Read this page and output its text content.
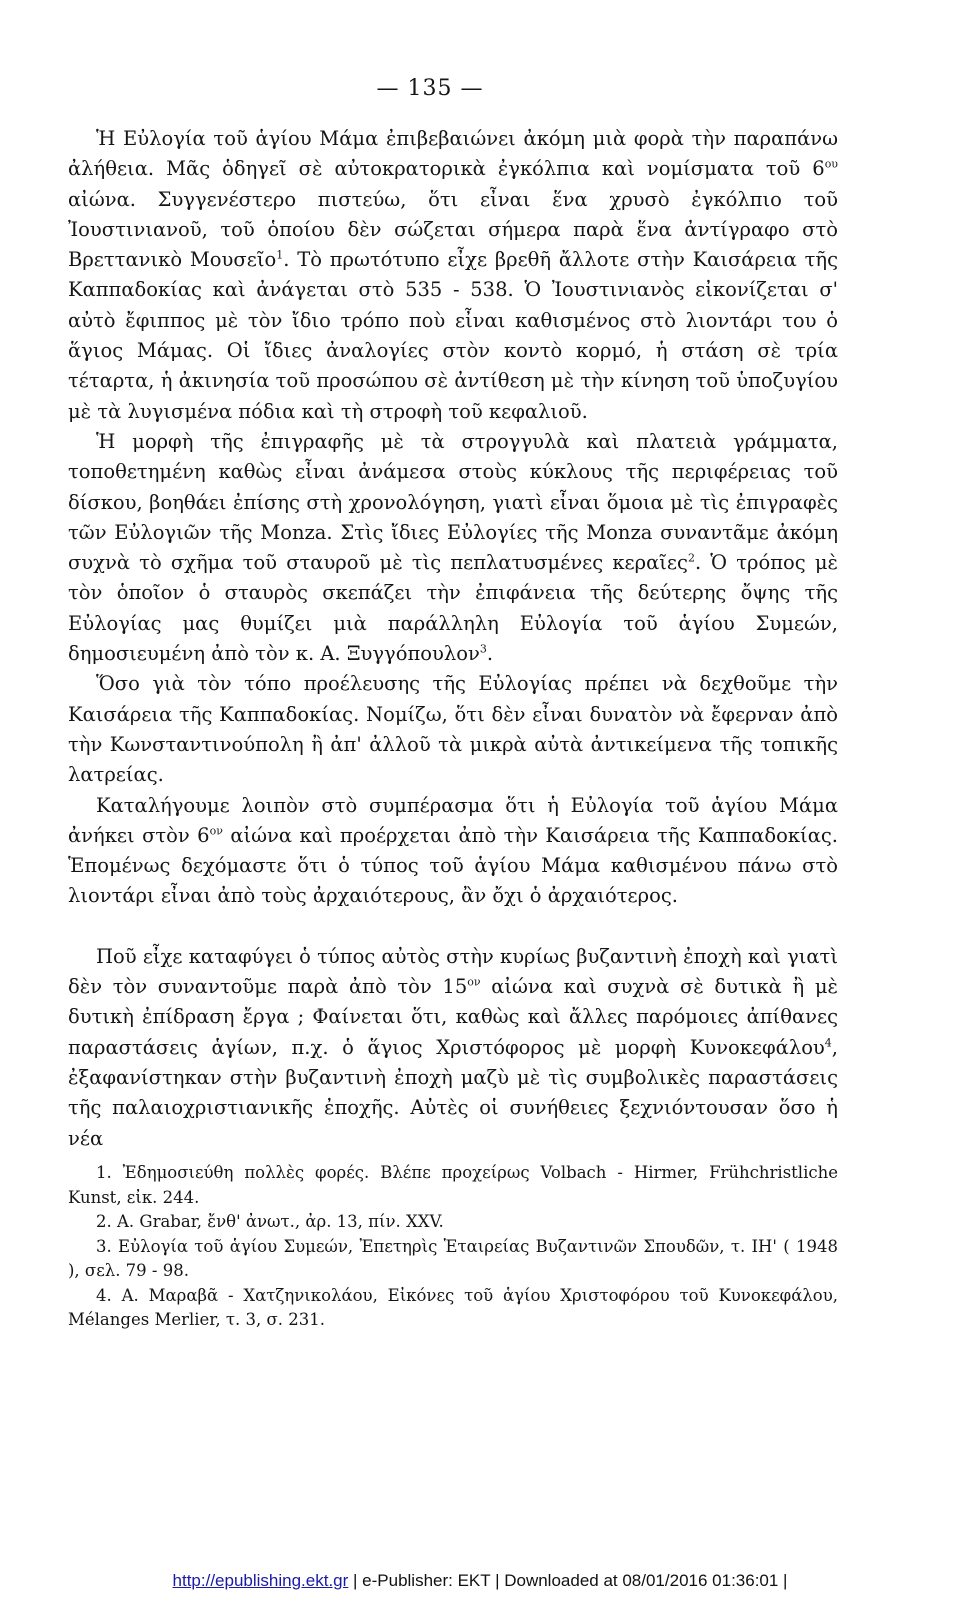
— 135 —

Ἡ Εὐλογία τοῦ ἁγίου Μάμα ἐπιβεβαιώνει ἀκόμη μιὰ φορὰ τὴν παραπάνω ἀλήθεια. Μᾶς ὁδηγεῖ σὲ αὐτοκρατορικὰ ἐγκόλπια καὶ νομίσματα τοῦ $6^{o\upsilon}$ αἰώνα. Συγγενέστερο πιστεύω, ὅτι εἶναι ἕνα χρυσὸ ἐγκόλπιο τοῦ Ἰουστινιανοῦ, τοῦ ὁποίου δὲν σώζεται σήμερα παρὰ ἕνα ἀντίγραφο στὸ Βρεττανικὸ Μουσεῖο$^1$. Τὸ πρωτότυπο εἶχε βρεθῆ ἄλλοτε στὴν Καισάρεια τῆς Καππαδοκίας καὶ ἀνάγεται στὸ 535 - 538. Ὁ Ἰουστινιανὸς εἰκονίζεται σ' αὐτὸ ἔφιππος μὲ τὸν ἴδιο τρόπο ποὺ εἶναι καθισμένος στὸ λιοντάρι του ὁ ἅγιος Μάμας. Οἱ ἴδιες ἀναλογίες στὸν κοντὸ κορμό, ἡ στάση σὲ τρία τέταρτα, ἡ ἀκινησία τοῦ προσώπου σὲ ἀντίθεση μὲ τὴν κίνηση τοῦ ὑποζυγίου μὲ τὰ λυγισμένα πόδια καὶ τὴ στροφὴ τοῦ κεφαλιοῦ.

Ἡ μορφὴ τῆς ἐπιγραφῆς μὲ τὰ στρογγυλὰ καὶ πλατειὰ γράμματα, τοποθετημένη καθὼς εἶναι ἀνάμεσα στοὺς κύκλους τῆς περιφέρειας τοῦ δίσκου, βοηθάει ἐπίσης στὴ χρονολόγηση, γιατὶ εἶναι ὅμοια μὲ τὶς ἐπιγραφὲς τῶν Εὐλογιῶν τῆς Monza. Στὶς ἴδιες Εὐλογίες τῆς Monza συναντᾶμε ἀκόμη συχνὰ τὸ σχῆμα τοῦ σταυροῦ μὲ τὶς πεπλατυσμένες κεραῖες$^2$. Ὁ τρόπος μὲ τὸν ὁποῖον ὁ σταυρὸς σκεπάζει τὴν ἐπιφάνεια τῆς δεύτερης ὄψης τῆς Εὐλογίας μας θυμίζει μιὰ παράλληλη Εὐλογία τοῦ ἁγίου Συμεών, δημοσιευμένη ἀπὸ τὸν κ. Α. Ξυγγόπουλον$^3$.

Ὅσο γιὰ τὸν τόπο προέλευσης τῆς Εὐλογίας πρέπει νὰ δεχθοῦμε τὴν Καισάρεια τῆς Καππαδοκίας. Νομίζω, ὅτι δὲν εἶναι δυνατὸν νὰ ἔφερναν ἀπὸ τὴν Κωνσταντινούπολη ἢ ἀπ' ἀλλοῦ τὰ μικρὰ αὐτὰ ἀντικείμενα τῆς τοπικῆς λατρείας.

Καταλήγουμε λοιπὸν στὸ συμπέρασμα ὅτι ἡ Εὐλογία τοῦ ἁγίου Μάμα ἀνήκει στὸν $6^{o\nu}$ αἰώνα καὶ προέρχεται ἀπὸ τὴν Καισάρεια τῆς Καππαδοκίας. Ἑπομένως δεχόμαστε ὅτι ὁ τύπος τοῦ ἁγίου Μάμα καθισμένου πάνω στὸ λιοντάρι εἶναι ἀπὸ τοὺς ἀρχαιότερους, ἂν ὄχι ὁ ἀρχαιότερος.

Ποῦ εἶχε καταφύγει ὁ τύπος αὐτὸς στὴν κυρίως βυζαντινὴ ἐποχὴ καὶ γιατὶ δὲν τὸν συναντοῦμε παρὰ ἀπὸ τὸν $15^{o\nu}$ αἰώνα καὶ συχνὰ σὲ δυτικὰ ἢ μὲ δυτικὴ ἐπίδραση ἔργα ; Φαίνεται ὅτι, καθὼς καὶ ἄλλες παρόμοιες ἀπίθανες παραστάσεις ἁγίων, π.χ. ὁ ἅγιος Χριστόφορος μὲ μορφὴ Κυνοκεφάλου$^4$, ἐξαφανίστηκαν στὴν βυζαντινὴ ἐποχὴ μαζὺ μὲ τὶς συμβολικὲς παραστάσεις τῆς παλαιοχριστιανικῆς ἐποχῆς. Αὐτὲς οἱ συνήθειες ξεχνιόντουσαν ὅσο ἡ νέα

1. Ἐδημοσιεύθη πολλὲς φορές. Βλέπε προχείρως Volbach - Hirmer, Frühchristliche Kunst, εἰκ. 244.

2. A. Grabar, ἔνθ' ἀνωτ., ἀρ. 13, πίν. XXV.

3. Εὐλογία τοῦ ἁγίου Συμεών, Ἐπετηρὶς Ἑταιρείας Βυζαντινῶν Σπουδῶν, τ. ΙΗ' ( 1948 ), σελ. 79 - 98.

4. Α. Μαραβᾶ - Χατζηνικολάου, Εἰκόνες τοῦ ἁγίου Χριστοφόρου τοῦ Κυνοκεφάλου, Mélanges Merlier, τ. 3, σ. 231.

http://epublishing.ekt.gr | e-Publisher: EKT | Downloaded at 08/01/2016 01:36:01 |
